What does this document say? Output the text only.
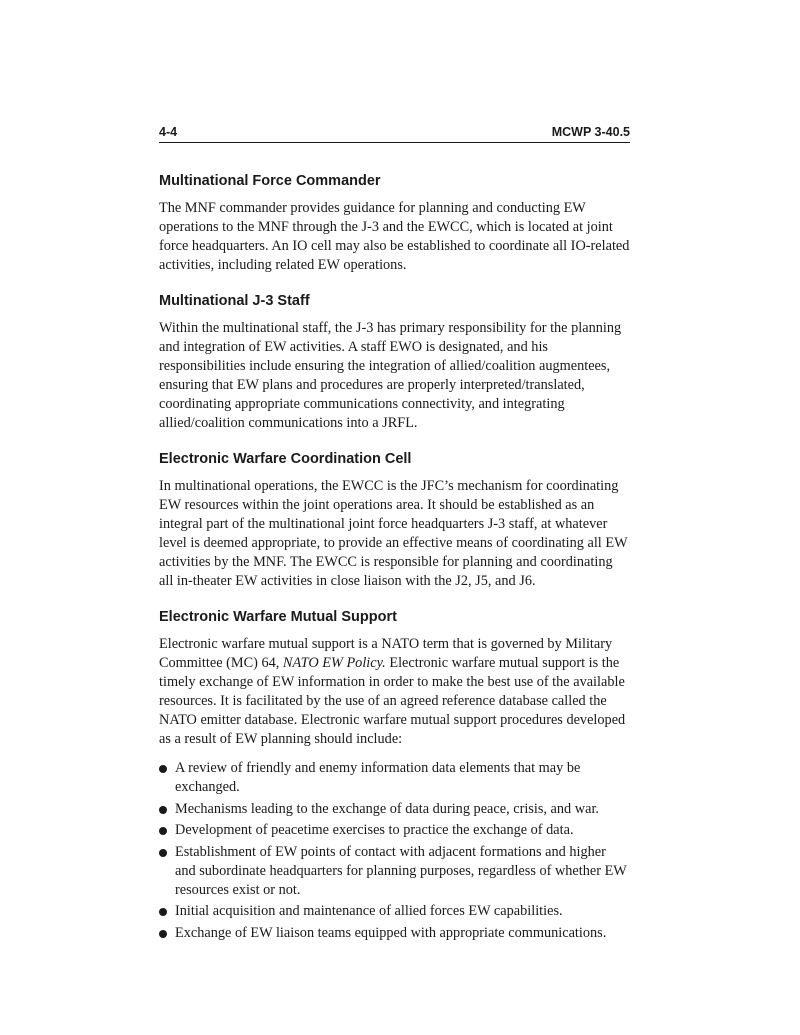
4-4	MCWP 3-40.5
Multinational Force Commander

The MNF commander provides guidance for planning and conducting EW operations to the MNF through the J-3 and the EWCC, which is located at joint force headquarters. An IO cell may also be established to coordinate all IO-related activities, including related EW operations.

Multinational J-3 Staff

Within the multinational staff, the J-3 has primary responsibility for the planning and integration of EW activities. A staff EWO is designated, and his responsibilities include ensuring the integration of allied/coalition augmentees, ensuring that EW plans and procedures are properly interpreted/translated, coordinating appropriate communications connectivity, and integrating allied/coalition communications into a JRFL.

Electronic Warfare Coordination Cell

In multinational operations, the EWCC is the JFC’s mechanism for coordinating EW resources within the joint operations area. It should be established as an integral part of the multinational joint force headquarters J-3 staff, at whatever level is deemed appropriate, to provide an effective means of coordinating all EW activities by the MNF. The EWCC is responsible for planning and coordinating all in-theater EW activities in close liaison with the J2, J5, and J6.

Electronic Warfare Mutual Support

Electronic warfare mutual support is a NATO term that is governed by Military Committee (MC) 64, NATO EW Policy. Electronic warfare mutual support is the timely exchange of EW information in order to make the best use of the available resources. It is facilitated by the use of an agreed reference database called the NATO emitter database. Electronic warfare mutual support procedures developed as a result of EW planning should include:

A review of friendly and enemy information data elements that may be exchanged.
Mechanisms leading to the exchange of data during peace, crisis, and war.
Development of peacetime exercises to practice the exchange of data.
Establishment of EW points of contact with adjacent formations and higher and subordinate headquarters for planning purposes, regardless of whether EW resources exist or not.
Initial acquisition and maintenance of allied forces EW capabilities.
Exchange of EW liaison teams equipped with appropriate communications.
